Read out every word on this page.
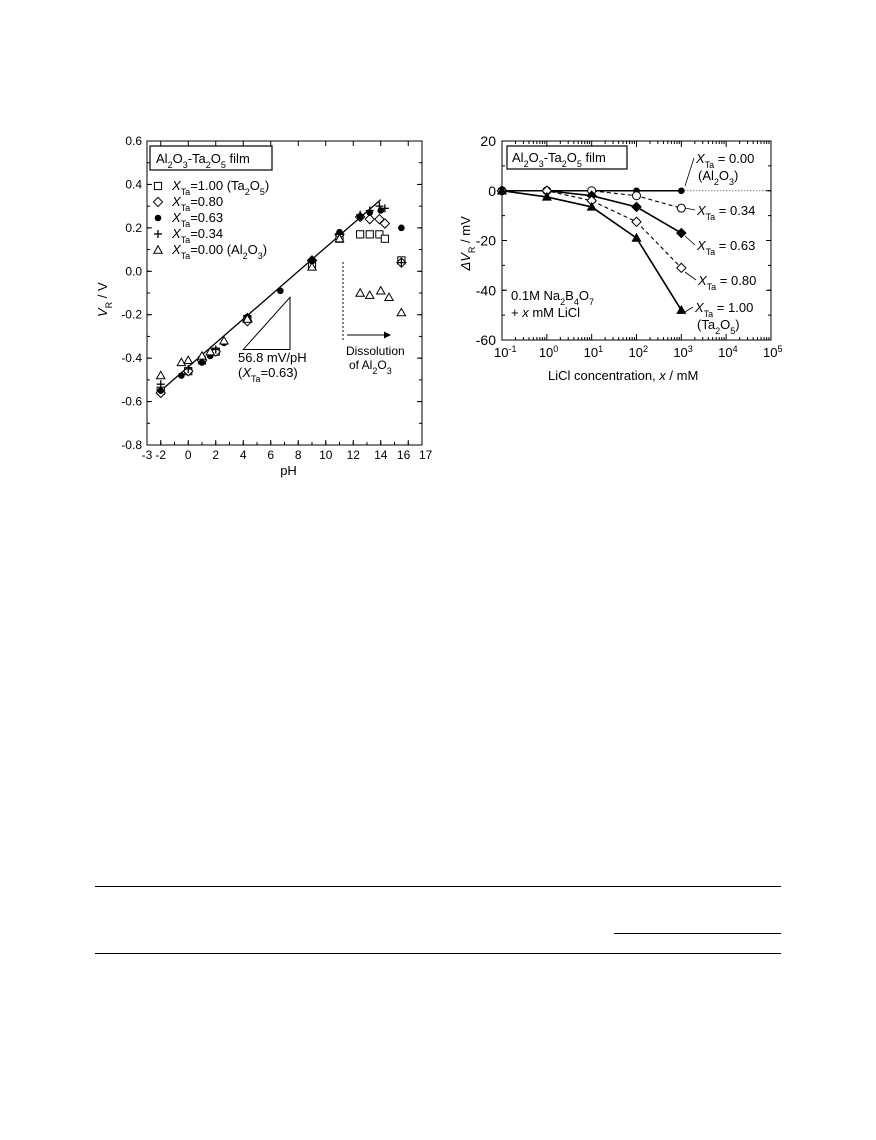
0.6
0.4
0.2
0.0
-0.2
-0.4
-0.6
-0.8
-3 -2 0 2 4 6 8 10 12 14 16 17
pH
$V_R$ / V
$Al_2O_3-Ta_2O_5$ film
$X_{Ta}=1.00$ $(Ta_2O_5)$
$X_{Ta}=0.80$
$X_{Ta}=0.63$
$X_{Ta}=0.34$
$X_{Ta}=0.00$ $(Al_2O_3)$
56.8 mV/pH
$(X_{Ta}=0.63)$
Dissolution
of $Al_2O_3$
20
0
-20
-40
-60
$10^{-1}$ $10^0$ $10^1$ $10^2$ $10^3$ $10^4$ $10^5$
LiCl concentration, x / mM
$\Delta V_R$ / mV
$Al_2O_3-Ta_2O_5$ film
0.1M $Na_2B_4O_7$
+ x mM LiCl
$X_{Ta} = 0.00$
$(Al_2O_3)$
$X_{Ta} = 0.34$
$X_{Ta} = 0.63$
$X_{Ta} = 0.80$
$X_{Ta} = 1.00$
$(Ta_2O_5)$
